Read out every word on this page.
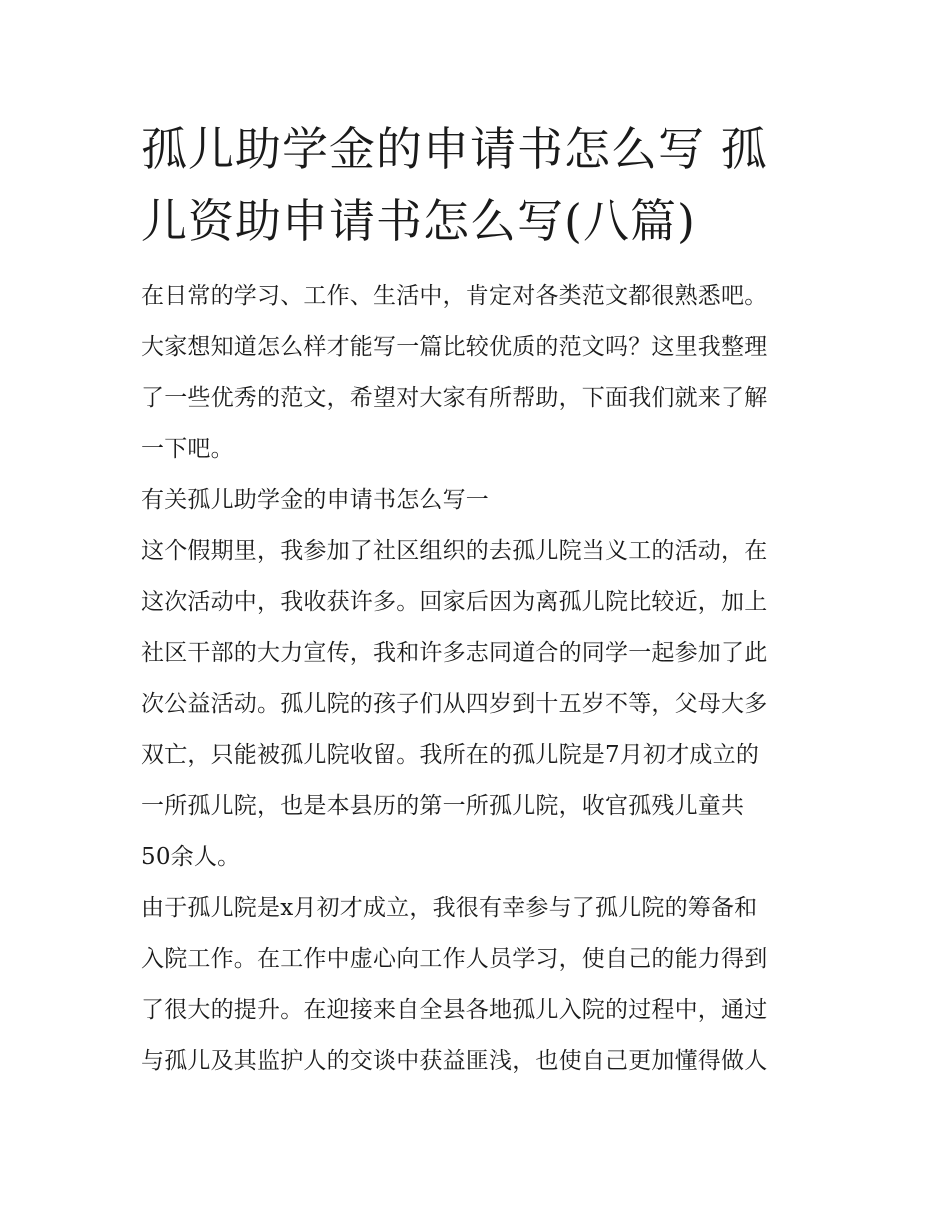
孤儿助学金的申请书怎么写 孤
儿资助申请书怎么写(八篇)
在日常的学习、工作、生活中，肯定对各类范文都很熟悉吧。
大家想知道怎么样才能写一篇比较优质的范文吗？这里我整理
了一些优秀的范文，希望对大家有所帮助，下面我们就来了解
一下吧。
有关孤儿助学金的申请书怎么写一
这个假期里，我参加了社区组织的去孤儿院当义工的活动，在
这次活动中，我收获许多。回家后因为离孤儿院比较近，加上
社区干部的大力宣传，我和许多志同道合的同学一起参加了此
次公益活动。孤儿院的孩子们从四岁到十五岁不等，父母大多
双亡，只能被孤儿院收留。我所在的孤儿院是7月初才成立的
一所孤儿院，也是本县历的第一所孤儿院，收官孤残儿童共
50余人。
由于孤儿院是x月初才成立，我很有幸参与了孤儿院的筹备和
入院工作。在工作中虚心向工作人员学习，使自己的能力得到
了很大的提升。在迎接来自全县各地孤儿入院的过程中，通过
与孤儿及其监护人的交谈中获益匪浅，也使自己更加懂得做人
